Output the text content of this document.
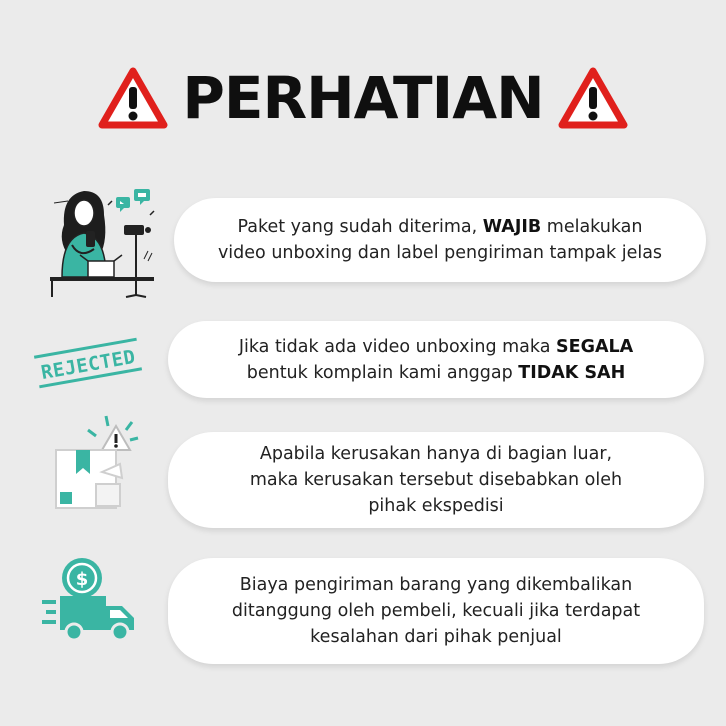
PERHATIAN
REJECTED
$
Paket yang sudah diterima, WAJIB melakukan
video unboxing dan label pengiriman tampak jelas
Jika tidak ada video unboxing maka SEGALA
bentuk komplain kami anggap TIDAK SAH
Apabila kerusakan hanya di bagian luar,
maka kerusakan tersebut disebabkan oleh
pihak ekspedisi
Biaya pengiriman barang yang dikembalikan
ditanggung oleh pembeli, kecuali jika terdapat
kesalahan dari pihak penjual
